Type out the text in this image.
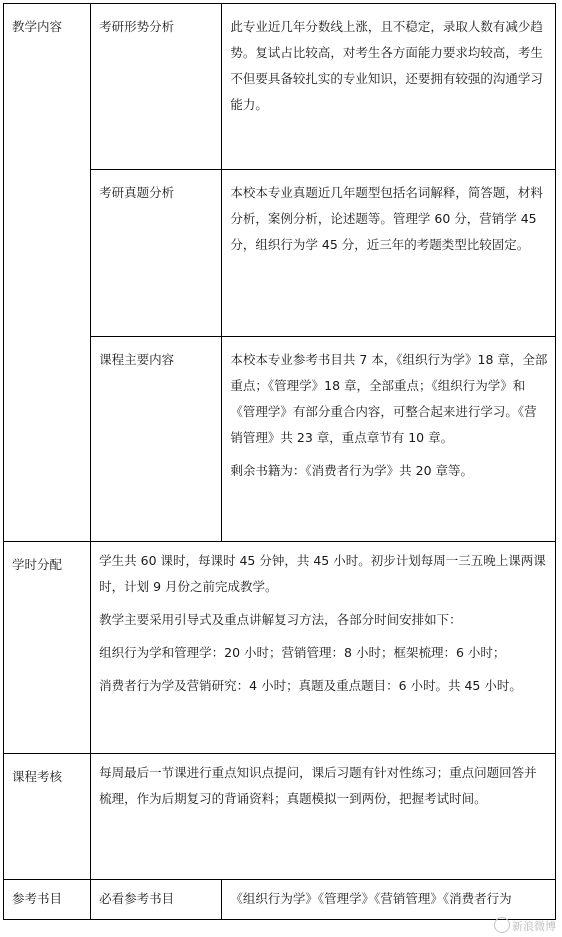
教学内容	考研形势分析	此专业近几年分数线上涨，且不稳定，录取人数有减少趋势。复试占比较高，对考生各方面能力要求均较高，考生不但要具备较扎实的专业知识，还要拥有较强的沟通学习能力。

	考研真题分析	本校本专业真题近几年题型包括名词解释，简答题，材料分析，案例分析，论述题等。管理学 60 分，营销学 45 分，组织行为学 45 分，近三年的考题类型比较固定。

	课程主要内容	本校本专业参考书目共 7 本，《组织行为学》18 章，全部重点；《管理学》18 章，全部重点；《组织行为学》和《管理学》有部分重合内容，可整合起来进行学习。《营销管理》共 23 章，重点章节有 10 章。

剩余书籍为：《消费者行为学》共 20 章等。

学时分配	学生共 60 课时，每课时 45 分钟，共 45 小时。初步计划每周一三五晚上课两课时，计划 9 月份之前完成教学。

教学主要采用引导式及重点讲解复习方法，各部分时间安排如下：

组织行为学和管理学：20 小时；营销管理：8 小时；框架梳理：6 小时；

消费者行为学及营销研究：4 小时；真题及重点题目：6 小时。共 45 小时。	

课程考核	每周最后一节课进行重点知识点提问，课后习题有针对性练习；重点问题回答并梳理，作为后期复习的背诵资料；真题模拟一到两份，把握考试时间。	

参考书目	必看参考书目	《组织行为学》《管理学》《营销管理》《消费者行为
新浪微博
